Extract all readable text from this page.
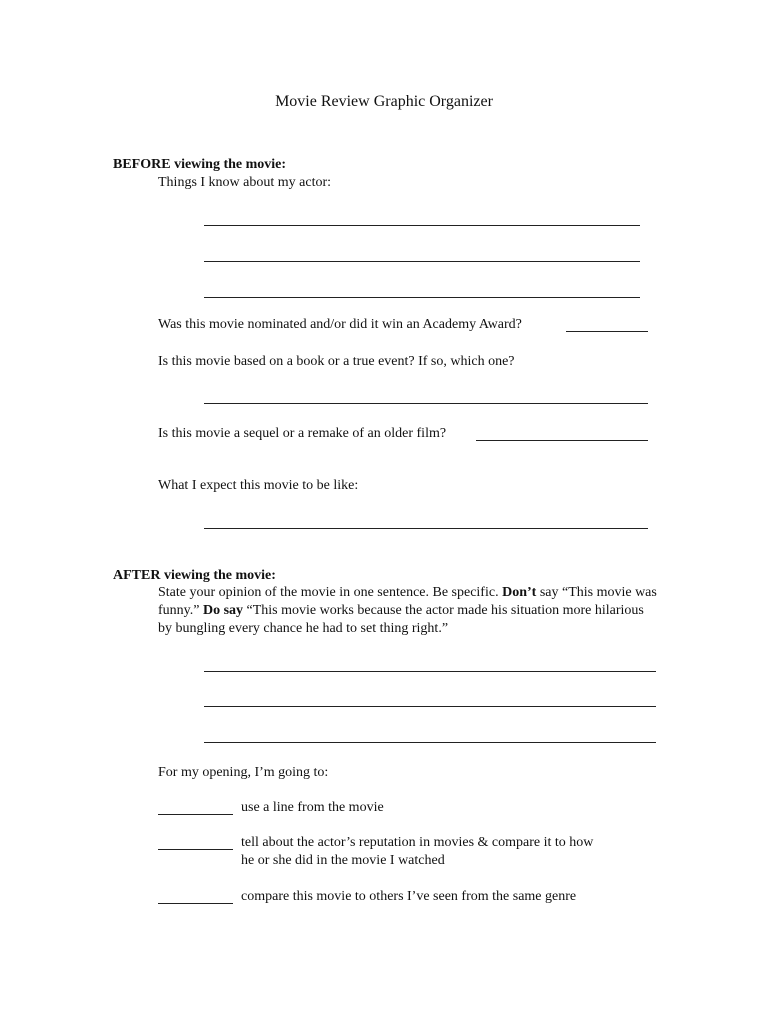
Movie Review Graphic Organizer
BEFORE viewing the movie:
Things I know about my actor:
Was this movie nominated and/or did it win an Academy Award?
Is this movie based on a book or a true event? If so, which one?
Is this movie a sequel or a remake of an older film?
What I expect this movie to be like:
AFTER viewing the movie:
State your opinion of the movie in one sentence. Be specific. Don’t say “This movie was funny.” Do say “This movie works because the actor made his situation more hilarious by bungling every chance he had to set thing right.”
For my opening, I’m going to:
use a line from the movie
tell about the actor’s reputation in movies & compare it to how
he or she did in the movie I watched
compare this movie to others I’ve seen from the same genre
